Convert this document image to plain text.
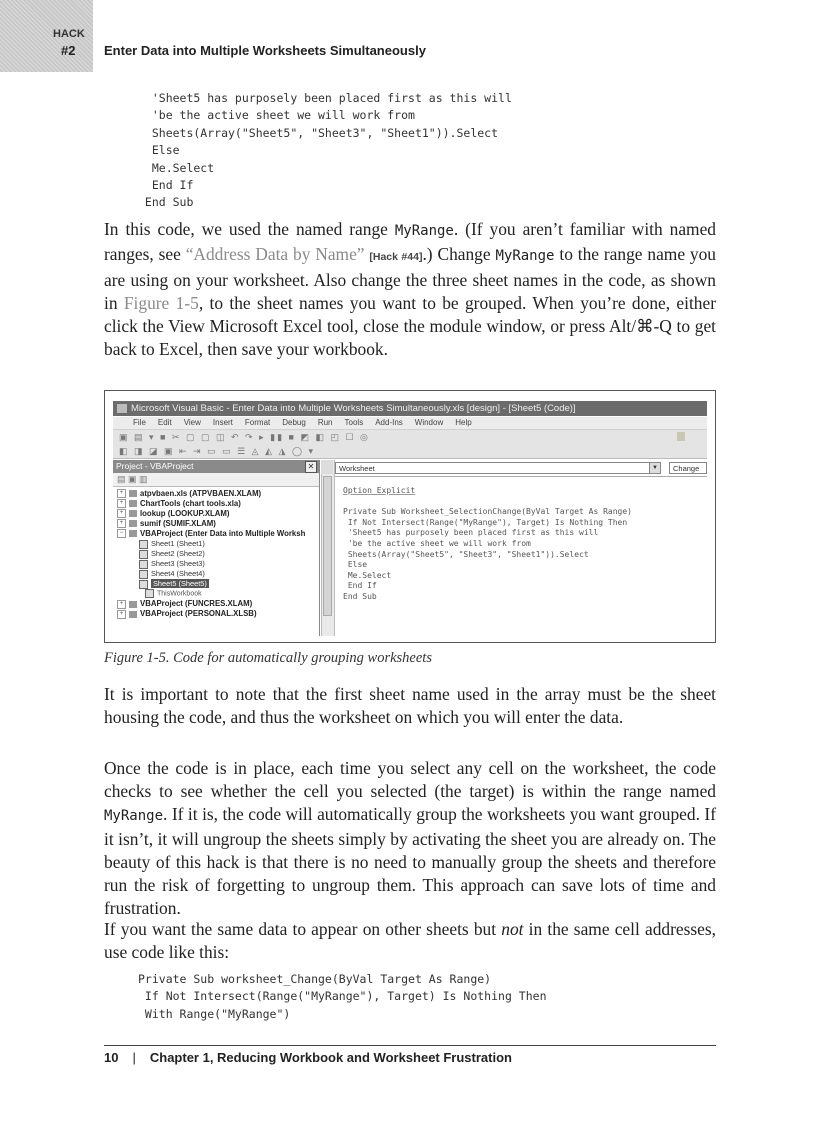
HACK
#2 Enter Data into Multiple Worksheets Simultaneously
'Sheet5 has purposely been placed first as this will
'be the active sheet we will work from
Sheets(Array("Sheet5", "Sheet3", "Sheet1")).Select
Else
Me.Select
End If
End Sub

In this code, we used the named range MyRange. (If you aren’t familiar with named ranges, see “Address Data by Name” [Hack #44].) Change MyRange to the range name you are using on your worksheet. Also change the three sheet names in the code, as shown in Figure 1-5, to the sheet names you want to be grouped. When you’re done, either click the View Microsoft Excel tool, close the module window, or press Alt/⌘-Q to get back to Excel, then save your workbook.

Microsoft Visual Basic - Enter Data into Multiple Worksheets Simultaneously.xls [design] - [Sheet5 (Code)]
File Edit View Insert Format Debug Run Tools Add-Ins Window Help
▣ ▤ ▾ ■ ✂ ▢ ▢ ◫ ↶ ↷ ▸ ▮▮ ■ ◩ ◧ ◰ ☐ ◎
◧ ◨ ◪ ▣ ⇤ ⇥ ▭ ▭ ☰ ◬ ◭ ◮ ◯ ▾
Project - VBAProject	✕
▤ ▣ ▥
+ atpvbaen.xls (ATPVBAEN.XLAM)
+ ChartTools (chart tools.xla)
+ lookup (LOOKUP.XLAM)
+ sumif (SUMIF.XLAM)
− VBAProject (Enter Data into Multiple Worksh
Sheet1 (Sheet1)
Sheet2 (Sheet2)
Sheet3 (Sheet3)
Sheet4 (Sheet4)
Sheet5 (Sheet5)
ThisWorkbook
+ VBAProject (FUNCRES.XLAM)
+ VBAProject (PERSONAL.XLSB)
Worksheet	▼	Change
Option Explicit

Private Sub Worksheet_SelectionChange(ByVal Target As Range)
If Not Intersect(Range("MyRange"), Target) Is Nothing Then
'Sheet5 has purposely been placed first as this will
'be the active sheet we will work from
Sheets(Array("Sheet5", "Sheet3", "Sheet1")).Select
Else
Me.Select
End If
End Sub
Figure 1-5. Code for automatically grouping worksheets

It is important to note that the first sheet name used in the array must be the sheet housing the code, and thus the worksheet on which you will enter the data.

Once the code is in place, each time you select any cell on the worksheet, the code checks to see whether the cell you selected (the target) is within the range named MyRange. If it is, the code will automatically group the worksheets you want grouped. If it isn’t, it will ungroup the sheets simply by activating the sheet you are already on. The beauty of this hack is that there is no need to manually group the sheets and therefore run the risk of forgetting to ungroup them. This approach can save lots of time and frustration.

If you want the same data to appear on other sheets but not in the same cell addresses, use code like this:

Private Sub worksheet_Change(ByVal Target As Range)
If Not Intersect(Range("MyRange"), Target) Is Nothing Then
With Range("MyRange")
10 | Chapter 1, Reducing Workbook and Worksheet Frustration
